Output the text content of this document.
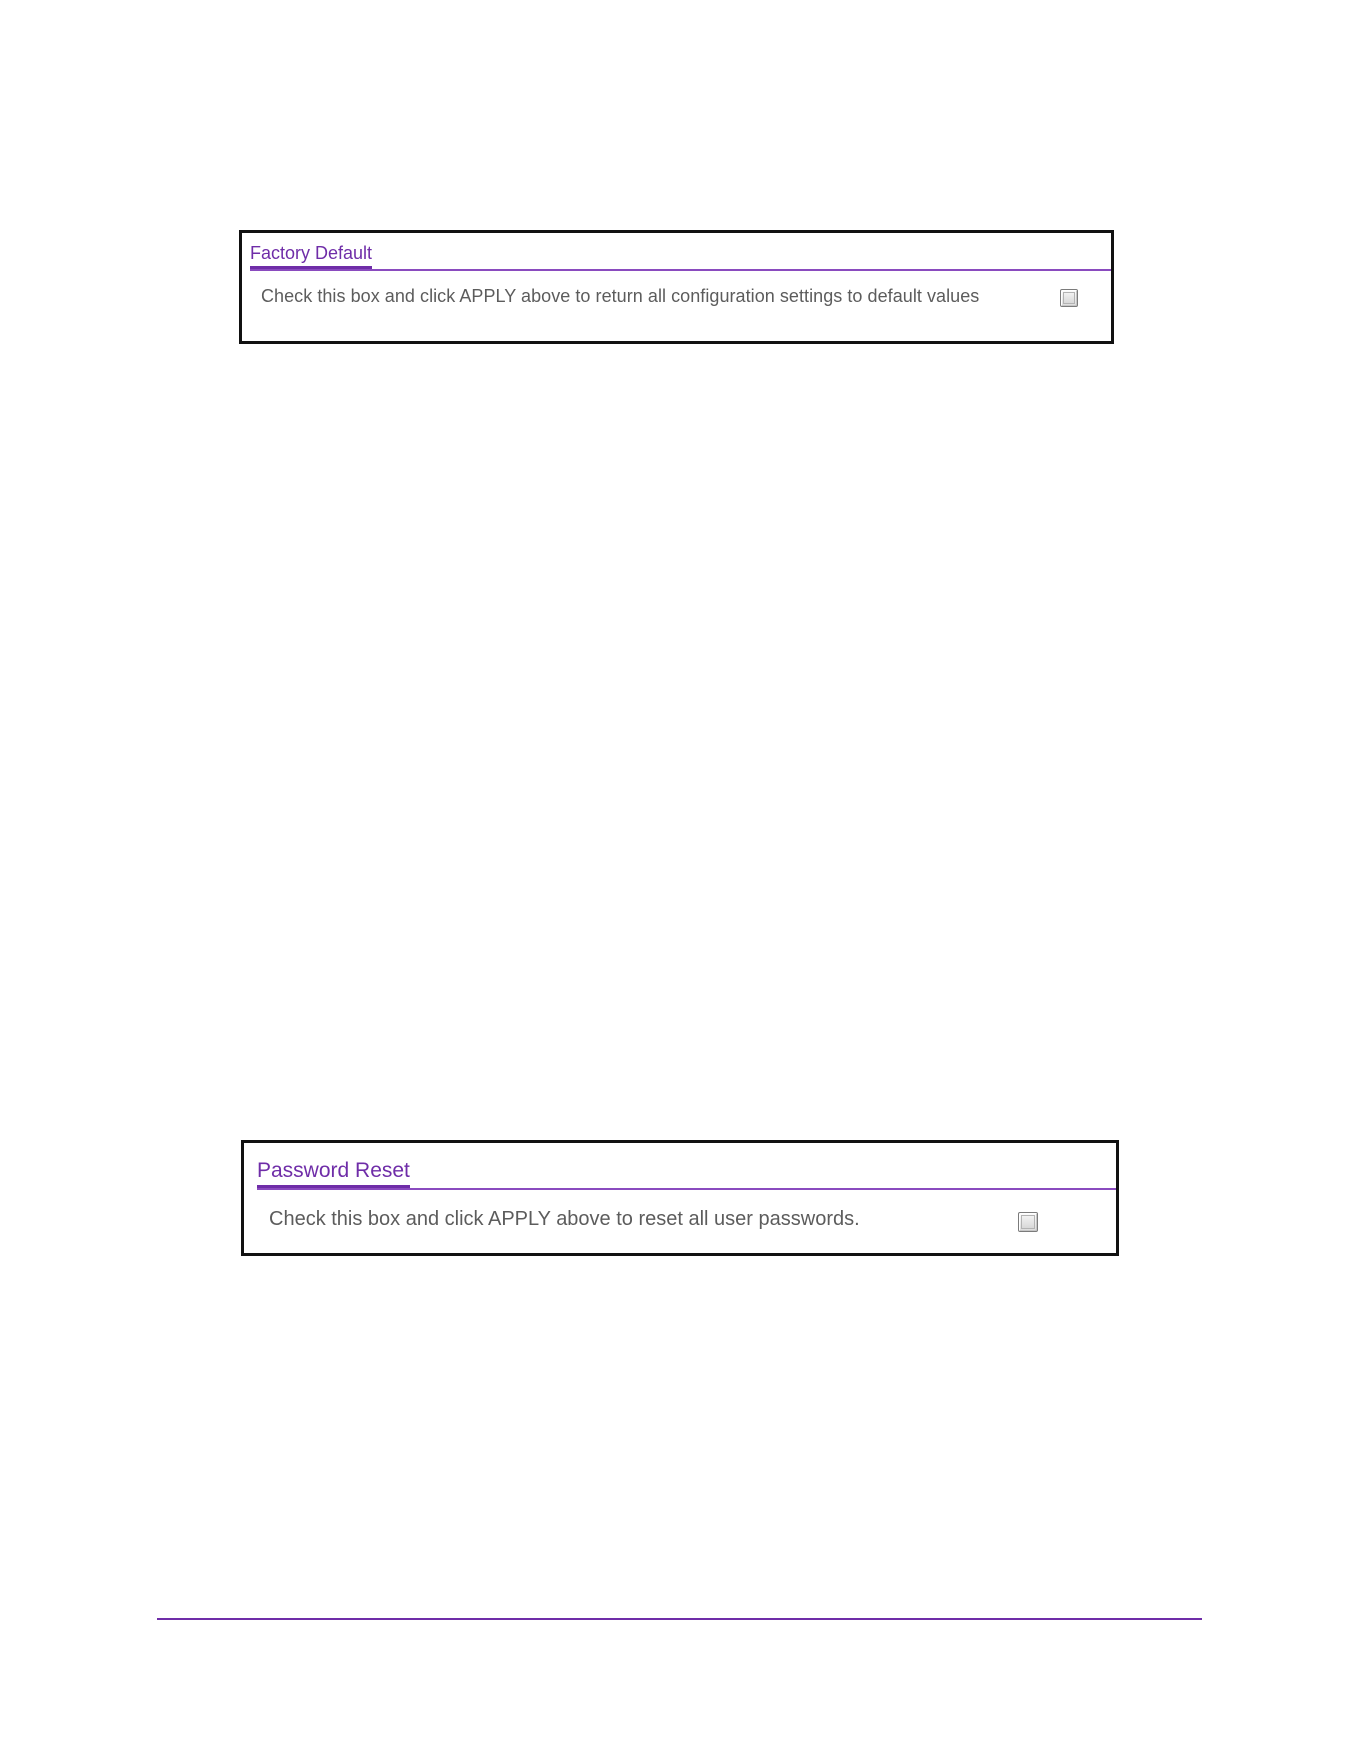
Factory Default
Check this box and click APPLY above to return all configuration settings to default values
Password Reset
Check this box and click APPLY above to reset all user passwords.
